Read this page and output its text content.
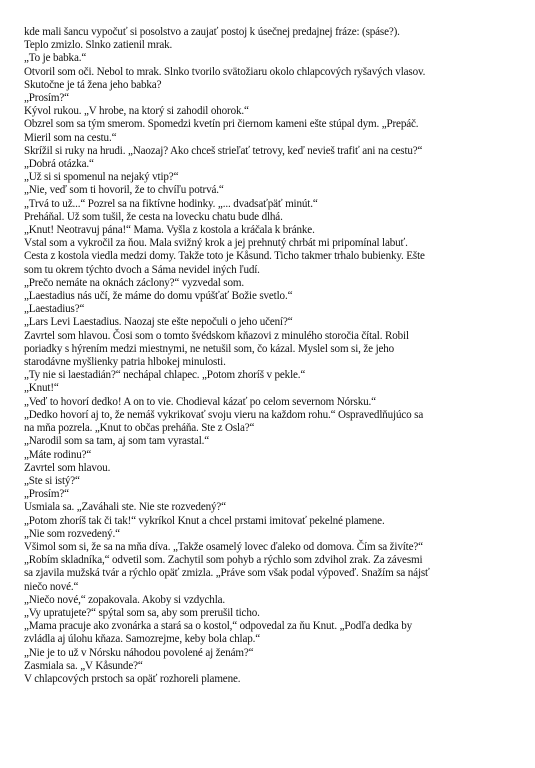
kde mali šancu vypočuť si posolstvo a zaujať postoj k úsečnej predajnej fráze: (spáse?).
Teplo zmizlo. Slnko zatienil mrak.
„To je babka.“
Otvoril som oči. Nebol to mrak. Slnko tvorilo svätožiaru okolo chlapcových ryšavých vlasov.
Skutočne je tá žena jeho babka?
„Prosím?“
Kývol rukou. „V hrobe, na ktorý si zahodil ohorok.“
Obzrel som sa tým smerom. Spomedzi kvetín pri čiernom kameni ešte stúpal dym. „Prepáč.
Mieril som na cestu.“
Skrížil si ruky na hrudi. „Naozaj? Ako chceš strieľať tetrovy, keď nevieš trafiť ani na cestu?“
„Dobrá otázka.“
„Už si si spomenul na nejaký vtip?“
„Nie, veď som ti hovoril, že to chvíľu potrvá.“
„Trvá to už...“ Pozrel sa na fiktívne hodinky. „... dvadsaťpäť minút.“
Preháňal. Už som tušil, že cesta na lovecku chatu bude dlhá.
„Knut! Neotravuj pána!“ Mama. Vyšla z kostola a kráčala k bránke.
Vstal som a vykročil za ňou. Mala svižný krok a jej prehnutý chrbát mi pripomínal labuť.
Cesta z kostola viedla medzi domy. Takže toto je Kåsund. Ticho takmer trhalo bubienky. Ešte
som tu okrem týchto dvoch a Sáma nevidel iných ľudí.
„Prečo nemáte na oknách záclony?“ vyzvedal som.
„Laestadius nás učí, že máme do domu vpúšťať Božie svetlo.“
„Laestadius?“
„Lars Levi Laestadius. Naozaj ste ešte nepočuli o jeho učení?“
Zavrtel som hlavou. Čosi som o tomto švédskom kňazovi z minulého storočia čítal. Robil
poriadky s hýrením medzi miestnymi, ne netušil som, čo kázal. Myslel som si, že jeho
starodávne myšlienky patria hlbokej minulosti.
„Ty nie si laestadián?“ nechápal chlapec. „Potom zhoríš v pekle.“
„Knut!“
„Veď to hovorí dedko! A on to vie. Chodieval kázať po celom severnom Nórsku.“
„Dedko hovorí aj to, že nemáš vykrikovať svoju vieru na každom rohu.“ Ospravedlňujúco sa
na mňa pozrela. „Knut to občas preháňa. Ste z Osla?“
„Narodil som sa tam, aj som tam vyrastal.“
„Máte rodinu?“
Zavrtel som hlavou.
„Ste si istý?“
„Prosím?“
Usmiala sa. „Zaváhali ste. Nie ste rozvedený?“
„Potom zhoríš tak či tak!“ vykríkol Knut a chcel prstami imitovať pekelné plamene.
„Nie som rozvedený.“
Všimol som si, že sa na mňa díva. „Takže osamelý lovec ďaleko od domova. Čím sa živíte?“
„Robím skladníka,“ odvetil som. Zachytil som pohyb a rýchlo som zdvihol zrak. Za závesmi
sa zjavila mužská tvár a rýchlo opäť zmizla. „Práve som však podal výpoveď. Snažím sa nájsť
niečo nové.“
„Niečo nové,“ zopakovala. Akoby si vzdychla.
„Vy upratujete?“ spýtal som sa, aby som prerušil ticho.
„Mama pracuje ako zvonárka a stará sa o kostol,“ odpovedal za ňu Knut. „Podľa dedka by
zvládla aj úlohu kňaza. Samozrejme, keby bola chlap.“
„Nie je to už v Nórsku náhodou povolené aj ženám?“
Zasmiala sa. „V Kåsunde?“
V chlapcových prstoch sa opäť rozhoreli plamene.
